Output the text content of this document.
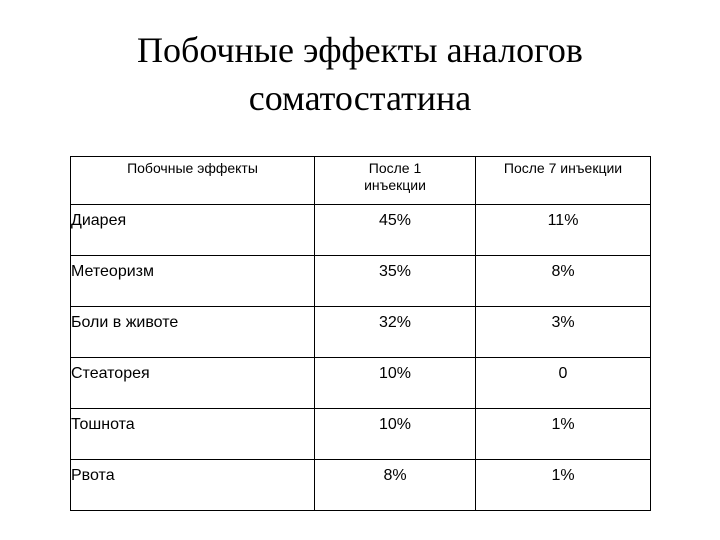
Побочные эффекты аналогов
соматостатина
Побочные эффекты	После 1 инъекции	После 7 инъекции
Диарея	45%	11%
Метеоризм	35%	8%
Боли в животе	32%	3%
Стеаторея	10%	0
Тошнота	10%	1%
Рвота	8%	1%
